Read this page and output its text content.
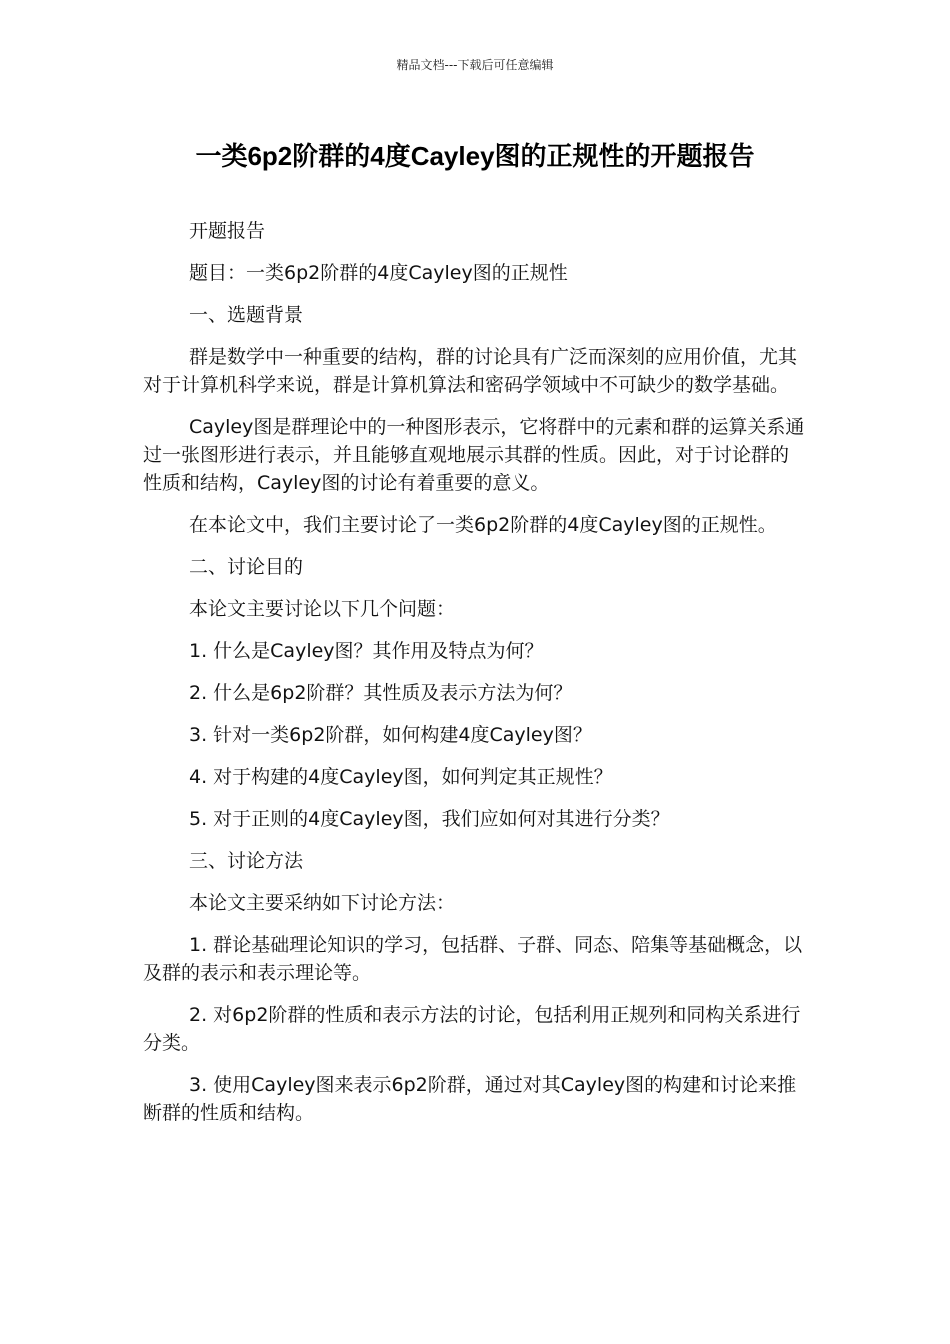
精品文档---下载后可任意编辑
一类6p2阶群的4度Cayley图的正规性的开题报告

开题报告

题目：一类6p2阶群的4度Cayley图的正规性

一、选题背景

群是数学中一种重要的结构，群的讨论具有广泛而深刻的应用价值，尤其对于计算机科学来说，群是计算机算法和密码学领域中不可缺少的数学基础。

Cayley图是群理论中的一种图形表示，它将群中的元素和群的运算关系通过一张图形进行表示，并且能够直观地展示其群的性质。因此，对于讨论群的性质和结构，Cayley图的讨论有着重要的意义。

在本论文中，我们主要讨论了一类6p2阶群的4度Cayley图的正规性。

二、讨论目的

本论文主要讨论以下几个问题：

1. 什么是Cayley图？其作用及特点为何？

2. 什么是6p2阶群？其性质及表示方法为何？

3. 针对一类6p2阶群，如何构建4度Cayley图？

4. 对于构建的4度Cayley图，如何判定其正规性？

5. 对于正则的4度Cayley图，我们应如何对其进行分类？

三、讨论方法

本论文主要采纳如下讨论方法：

1. 群论基础理论知识的学习，包括群、子群、同态、陪集等基础概念，以及群的表示和表示理论等。

2. 对6p2阶群的性质和表示方法的讨论，包括利用正规列和同构关系进行分类。

3. 使用Cayley图来表示6p2阶群，通过对其Cayley图的构建和讨论来推断群的性质和结构。
